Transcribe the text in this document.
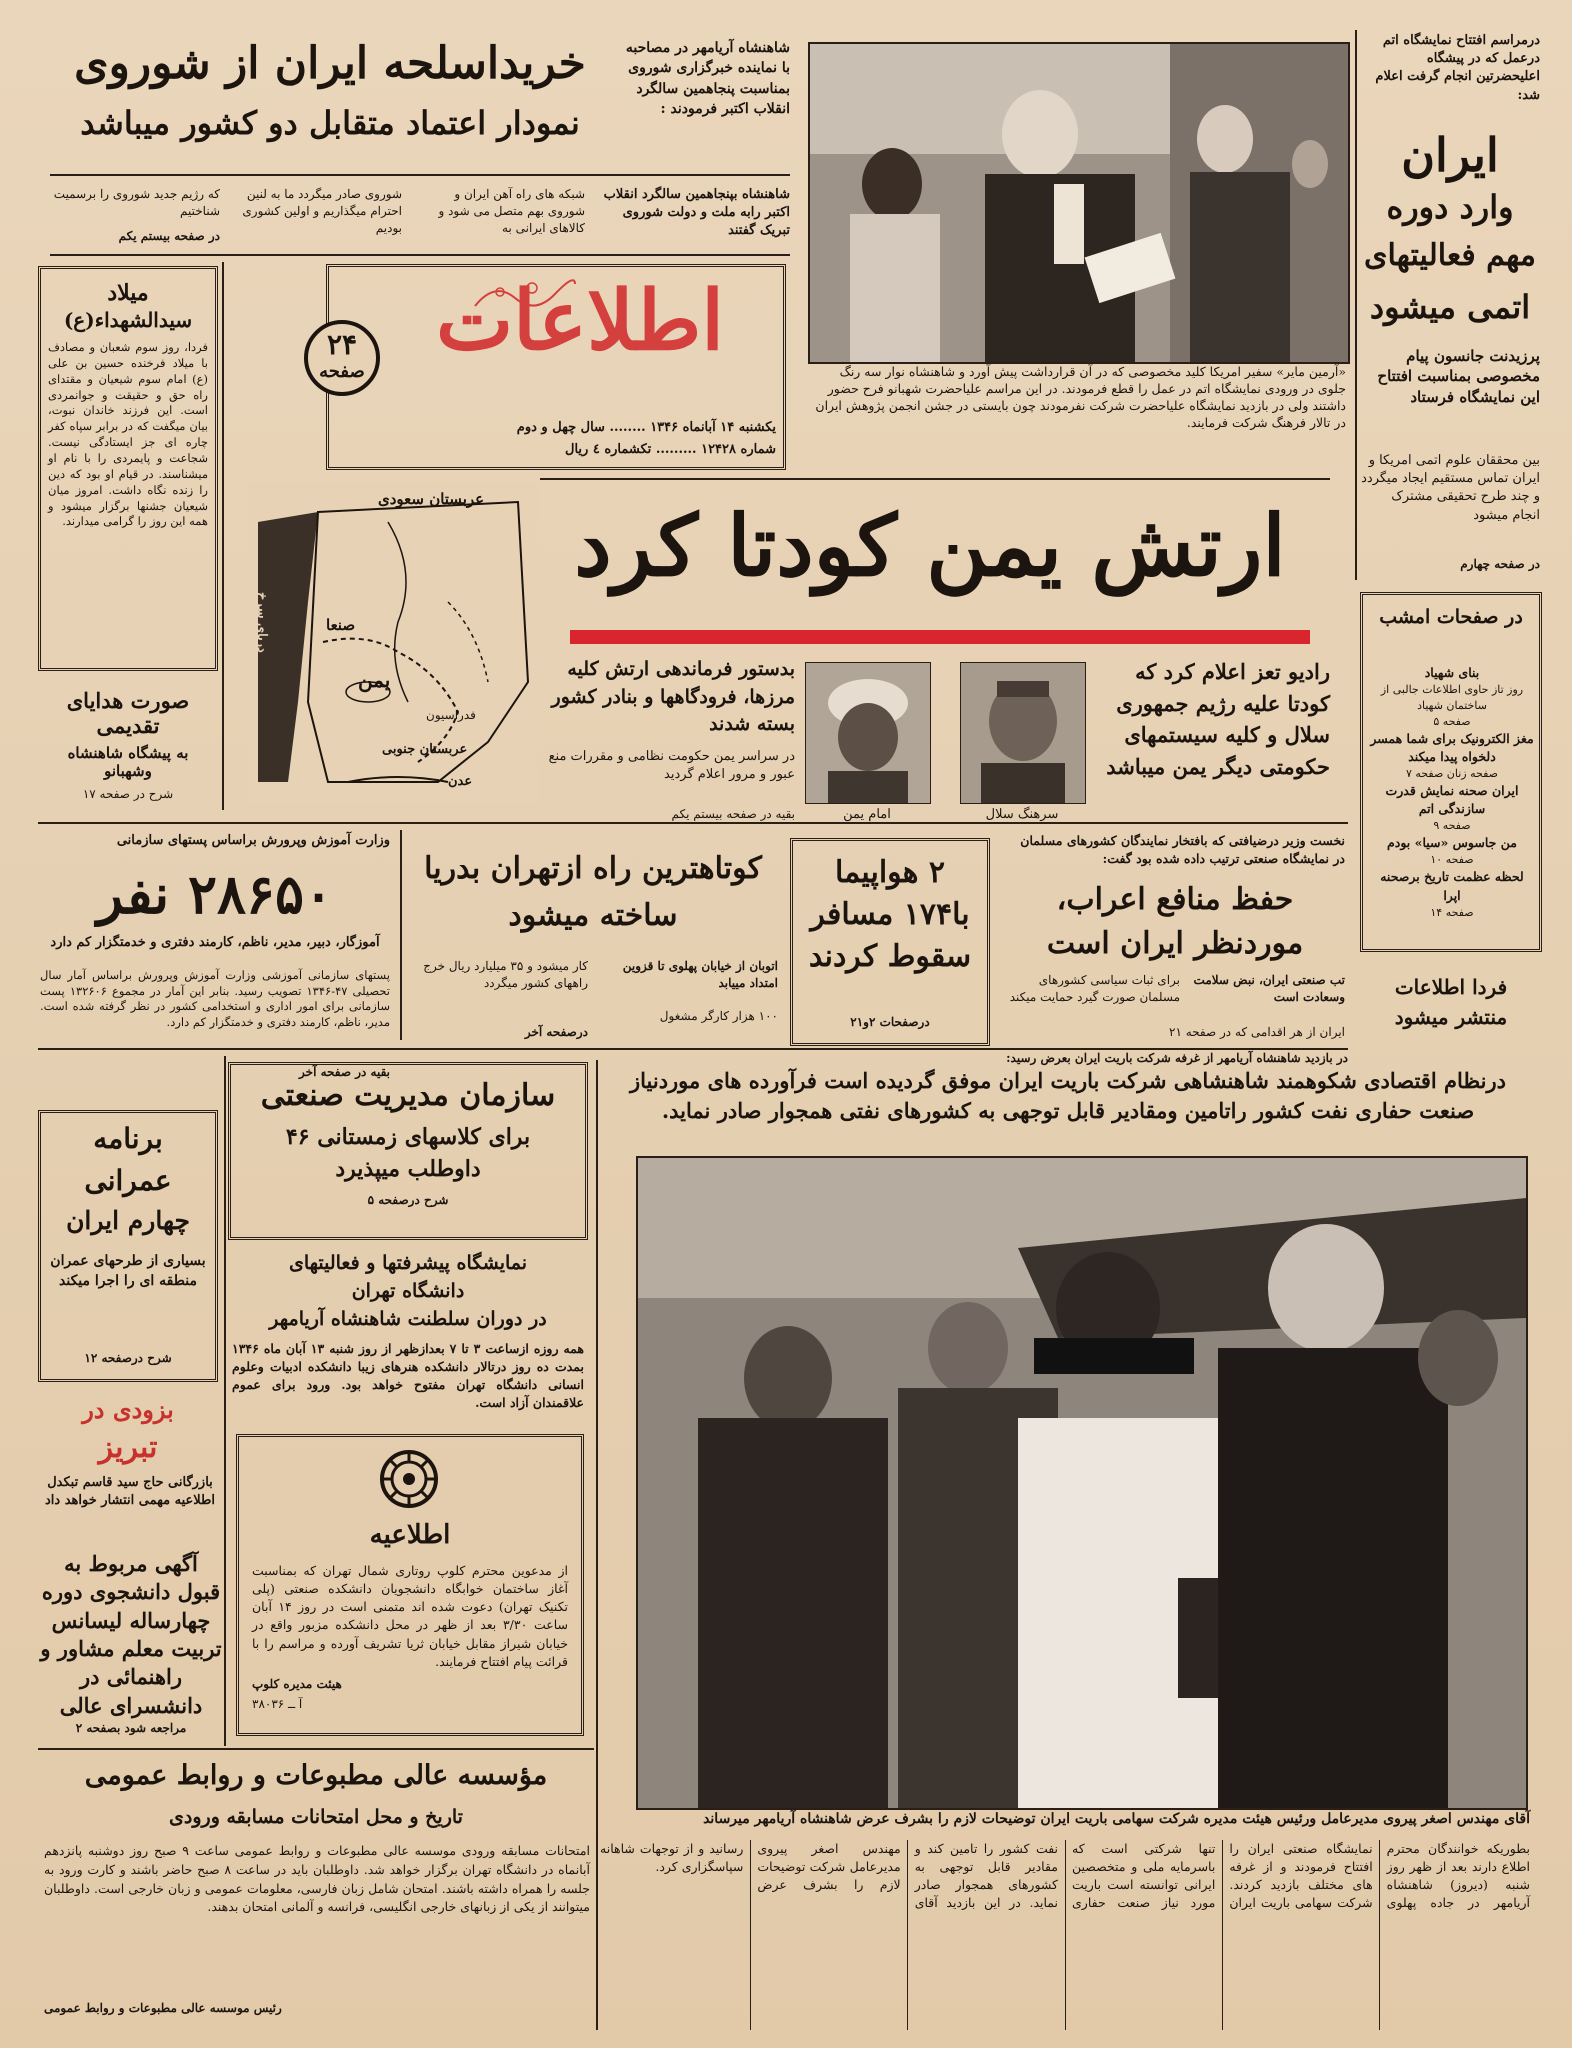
خریداسلحه ایران از شوروی
نمودار اعتماد متقابل دو کشور میباشد
شبکه های راه آهن ایران و شوروی بهم متصل می شود و کالاهای ایرانی به
شوروی صادر میگردد ما به لنین احترام میگذاریم و اولین کشوری بودیم
که رژیم جدید شوروی را برسمیت شناختیم
در صفحه بیستم یکم
شاهنشاه آریامهر در مصاحبه با نماینده خبرگزاری شوروی بمناسبت پنجاهمین سالگرد انقلاب اکتبر فرمودند :
شاهنشاه بپنجاهمین سالگرد انقلاب اکتبر رابه ملت و دولت شوروی تبریک گفتند
«آرمین مایر» سفیر امریکا کلید مخصوصی که در آن قرارداشت پیش آورد و شاهنشاه نوار سه رنگ جلوی در ورودی نمایشگاه اتم در عمل را قطع فرمودند. در این مراسم علیاحضرت شهبانو فرح حضور داشتند ولی در بازدید نمایشگاه علیاحضرت شرکت نفرمودند چون بایستی در جشن انجمن پژوهش ایران در تالار فرهنگ شرکت فرمایند.
درمراسم افتتاح نمایشگاه اتم درعمل که در پیشگاه اعلیحضرتین انجام گرفت اعلام شد:
ایران
وارد دوره
مهم فعالیتهای
اتمی میشود
پرزیدنت جانسون پیام مخصوصی بمناسبت افتتاح این نمایشگاه فرستاد
بین محققان علوم اتمی امریکا و ایران تماس مستقیم ایجاد میگردد و چند طرح تحقیقی مشترک انجام میشود
در صفحه چهارم
اطلاعات
۲۴
صفحه
یکشنبه ۱۴ آبانماه ۱۳۴۶ ........ سال چهل و دوم
شماره ۱۲۴۲۸ ......... تکشماره ٤ ریال
میلاد
سیدالشهداء(ع)
فردا، روز سوم شعبان و مصادف با میلاد فرخنده حسین بن علی (ع) امام سوم شیعیان و مقتدای راه حق و حقیقت و جوانمردی است. این فرزند خاندان نبوت، بیان میگفت که در برابر سپاه کفر چاره ای جز ایستادگی نیست. شجاعت و پایمردی را با نام او میشناسند. در قیام او بود که دین را زنده نگاه داشت. امروز میان شیعیان جشنها برگزار میشود و همه این روز را گرامی میدارند.
صورت هدایای تقدیمی
به پیشگاه شاهنشاه وشهبانو
شرح در صفحه ۱۷
عربستان سعودی
دریای سرخ	صنعا
یمن
فدراسیون
عربستان جنوبی
عدن
ارتش یمن کودتا کرد
رادیو تعز اعلام کرد که کودتا علیه رژیم جمهوری سلال و کلیه سیستمهای حکومتی دیگر یمن میباشد
سرهنگ سلال
امام یمن
بدستور فرماندهی ارتش کلیه مرزها، فرودگاهها و بنادر کشور بسته شدند
در سراسر یمن حکومت نظامی و مقررات منع عبور و مرور اعلام گردید
بقیه در صفحه بیستم یکم
در صفحات امشب
بنای شهیاد
روز تاز حاوی اطلاعات جالبی از ساختمان شهیاد
صفحه ۵
مغز الکترونیک برای شما همسر دلخواه پیدا میکند
صفحه زنان صفحه ۷
ایران صحنه نمایش قدرت سازندگی اتم
صفحه ۹
من جاسوس «سیا» بودم
صفحه ۱۰
لحظه عظمت تاریخ برصحنه اپرا
صفحه ۱۴
فردا اطلاعات منتشر میشود
نخست وزیر درضیافتی که بافتخار نمایندگان کشورهای مسلمان در نمایشگاه صنعتی ترتیب داده شده بود گفت:
حفظ منافع اعراب، موردنظر ایران است
تب صنعتی ایران، نبض سلامت وسعادت است
برای ثبات سیاسی کشورهای مسلمان صورت گیرد حمایت میکند
ایران از هر اقدامی که در صفحه ۲۱
۲ هواپیما با۱۷۴ مسافر سقوط کردند
درصفحات ۲و۲۱
کوتاهترین راه ازتهران بدریا ساخته میشود
اتوبان از خیابان پهلوی تا قزوین امتداد مییابد
کار میشود و ۳۵ میلیارد ریال خرج راههای کشور میگردد
۱۰۰ هزار کارگر مشغول
درصفحه آخر
وزارت آموزش وپرورش براساس پستهای سازمانی
۲۸۶۵۰ نفر
آموزگار، دبیر، مدیر، ناظم، کارمند دفتری و خدمتگزار کم دارد
پستهای سازمانی آموزشی وزارت آموزش وپرورش براساس آمار سال تحصیلی ۴۷-۱۳۴۶ تصویب رسید. بنابر این آمار در مجموع ۱۳۲۶۰۶ پست سازمانی برای امور اداری و استخدامی کشور در نظر گرفته شده است. مدیر، ناظم، کارمند دفتری و خدمتگزار کم دارد.
بقیه در صفحه آخر
در بازدید شاهنشاه آریامهر از غرفه شرکت باریت ایران بعرض رسید:
درنظام اقتصادی شکوهمند شاهنشاهی شرکت باریت ایران موفق گردیده است فرآورده های موردنیاز صنعت حفاری نفت کشور راتامین ومقادیر قابل توجهی به کشورهای نفتی همجوار صادر نماید.
آقای مهندس اصغر پیروی مدیرعامل ورئیس هیئت مدیره شرکت سهامی باریت ایران توضیحات لازم را بشرف عرض شاهنشاه آریامهر میرساند
بطوریکه خوانندگان محترم اطلاع دارند بعد از ظهر روز شنبه (دیروز) شاهنشاه آریامهر در جاده پهلوی نمایشگاه صنعتی ایران را افتتاح فرمودند و از غرفه های مختلف بازدید کردند. شرکت سهامی باریت ایران تنها شرکتی است که باسرمایه ملی و متخصصین ایرانی توانسته است باریت مورد نیاز صنعت حفاری نفت کشور را تامین کند و مقادیر قابل توجهی به کشورهای همجوار صادر نماید. در این بازدید آقای مهندس اصغر پیروی مدیرعامل شرکت توضیحات لازم را بشرف عرض رسانید و از توجهات شاهانه سپاسگزاری کرد.
سازمان مدیریت صنعتی
برای کلاسهای زمستانی ۴۶
داوطلب میپذیرد
شرح درصفحه ۵
نمایشگاه پیشرفتها و فعالیتهای
دانشگاه تهران
در دوران سلطنت شاهنشاه آریامهر
همه روزه ازساعت ۳ تا ۷ بعدازظهر از روز شنبه ۱۳ آبان ماه ۱۳۴۶ بمدت ده روز درتالار دانشکده هنرهای زیبا دانشکده ادبیات وعلوم انسانی دانشگاه تهران مفتوح خواهد بود. ورود برای عموم علاقمندان آزاد است.
اطلاعیه
از مدعوین محترم کلوپ روتاری شمال تهران که بمناسبت آغاز ساختمان خوابگاه دانشجویان دانشکده صنعتی (پلی تکنیک تهران) دعوت شده اند متمنی است در روز ۱۴ آبان ساعت ۳/۳۰ بعد از ظهر در محل دانشکده مزبور واقع در خیابان شیراز مقابل خیابان ثریا تشریف آورده و مراسم را با قرائت پیام افتتاح فرمایند.
هیئت مدیره کلوپ
آ ــ ۳۸۰۳۶
برنامه
عمرانی
چهارم ایران
بسیاری از طرحهای عمران منطقه ای را اجرا میکند
شرح درصفحه ۱۲
بزودی در
تبریز
بازرگانی حاج سید قاسم تبکدل اطلاعیه مهمی انتشار خواهد داد
آگهی مربوط به قبول دانشجوی دوره چهارساله لیسانس تربیت معلم مشاور و راهنمائی در دانشسرای عالی
مراجعه شود بصفحه ۲
مؤسسه عالی مطبوعات و روابط عمومی
تاریخ و محل امتحانات مسابقه ورودی
امتحانات مسابقه ورودی موسسه عالی مطبوعات و روابط عمومی ساعت ۹ صبح روز دوشنبه پانزدهم آبانماه در دانشگاه تهران برگزار خواهد شد. داوطلبان باید در ساعت ۸ صبح حاضر باشند و کارت ورود به جلسه را همراه داشته باشند. امتحان شامل زبان فارسی، معلومات عمومی و زبان خارجی است. داوطلبان میتوانند از یکی از زبانهای خارجی انگلیسی، فرانسه و آلمانی امتحان بدهند.
رئیس موسسه عالی مطبوعات و روابط عمومی
